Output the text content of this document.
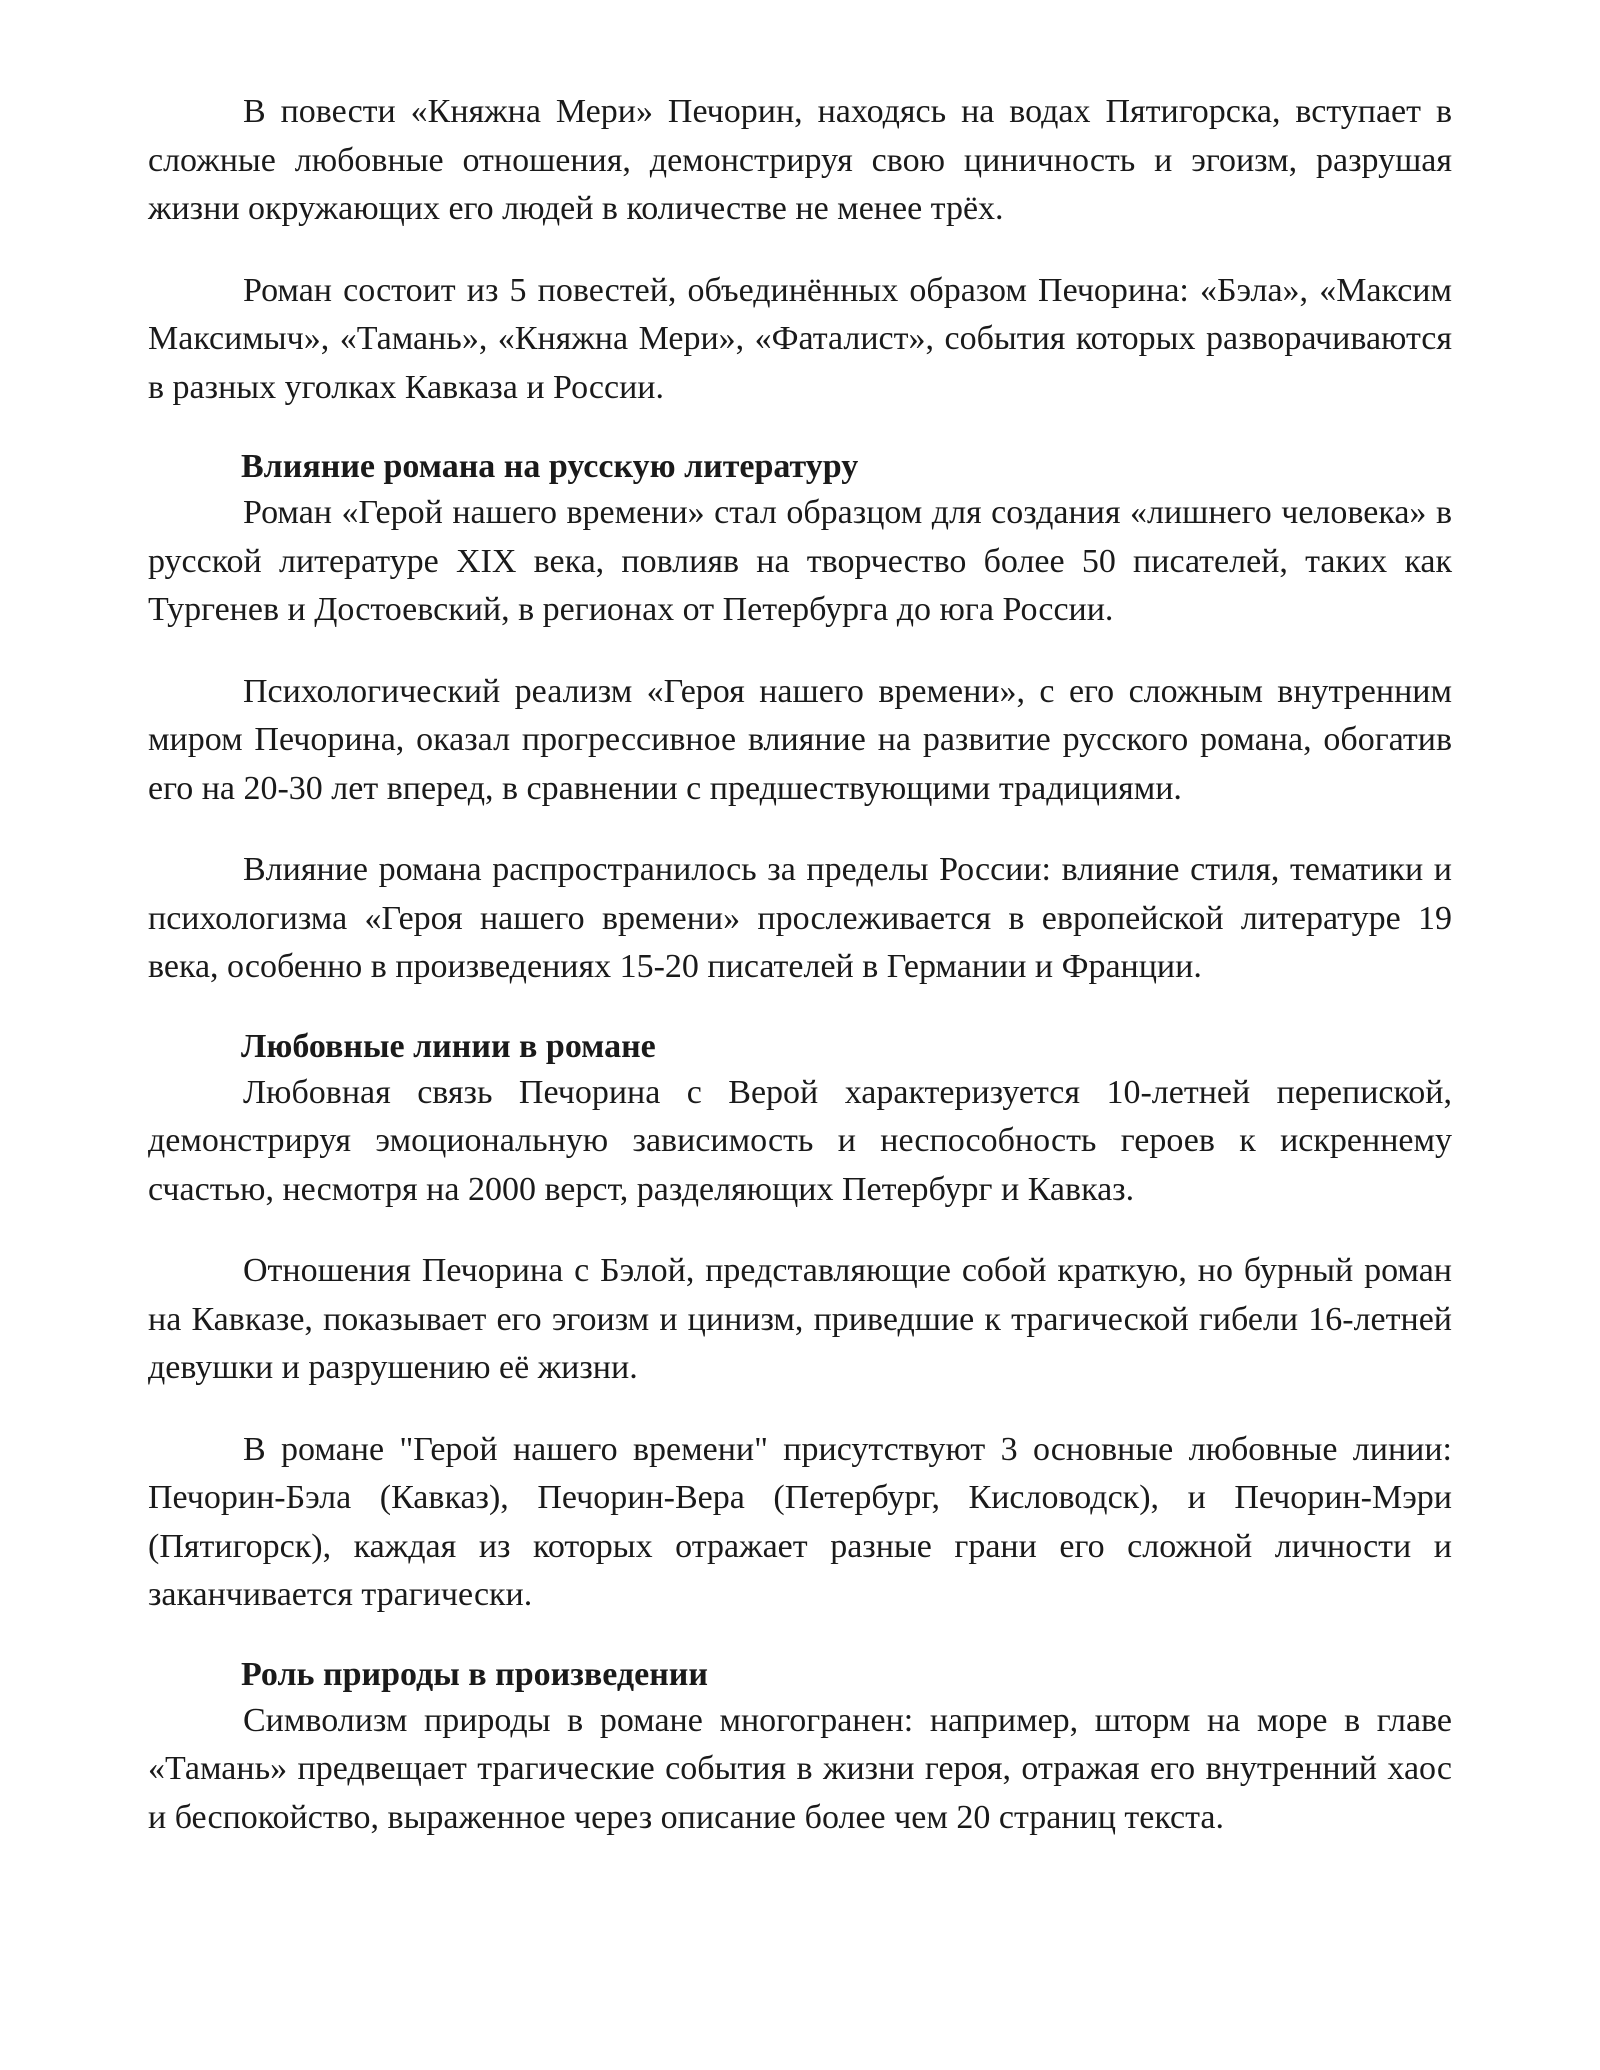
В повести «Княжна Мери» Печорин, находясь на водах Пятигорска, вступает в сложные любовные отношения, демонстрируя свою циничность и эгоизм, разрушая жизни окружающих его людей в количестве не менее трёх.

Роман состоит из 5 повестей, объединённых образом Печорина: «Бэла», «Максим Максимыч», «Тамань», «Княжна Мери», «Фаталист», события которых разворачиваются в разных уголках Кавказа и России.

Влияние романа на русскую литературу

Роман «Герой нашего времени» стал образцом для создания «лишнего человека» в русской литературе XIX века, повлияв на творчество более 50 писателей, таких как Тургенев и Достоевский, в регионах от Петербурга до юга России.

Психологический реализм «Героя нашего времени», с его сложным внутренним миром Печорина, оказал прогрессивное влияние на развитие русского романа, обогатив его на 20-30 лет вперед, в сравнении с предшествующими традициями.

Влияние романа распространилось за пределы России: влияние стиля, тематики и психологизма «Героя нашего времени» прослеживается в европейской литературе 19 века, особенно в произведениях 15-20 писателей в Германии и Франции.

Любовные линии в романе

Любовная связь Печорина с Верой характеризуется 10-летней перепиской, демонстрируя эмоциональную зависимость и неспособность героев к искреннему счастью, несмотря на 2000 верст, разделяющих Петербург и Кавказ.

Отношения Печорина с Бэлой, представляющие собой краткую, но бурный роман на Кавказе, показывает его эгоизм и цинизм, приведшие к трагической гибели 16-летней девушки и разрушению её жизни.

В романе "Герой нашего времени" присутствуют 3 основные любовные линии: Печорин-Бэла (Кавказ), Печорин-Вера (Петербург, Кисловодск), и Печорин-Мэри (Пятигорск), каждая из которых отражает разные грани его сложной личности и заканчивается трагически.

Роль природы в произведении

Символизм природы в романе многогранен: например, шторм на море в главе «Тамань» предвещает трагические события в жизни героя, отражая его внутренний хаос и беспокойство, выраженное через описание более чем 20 страниц текста.
